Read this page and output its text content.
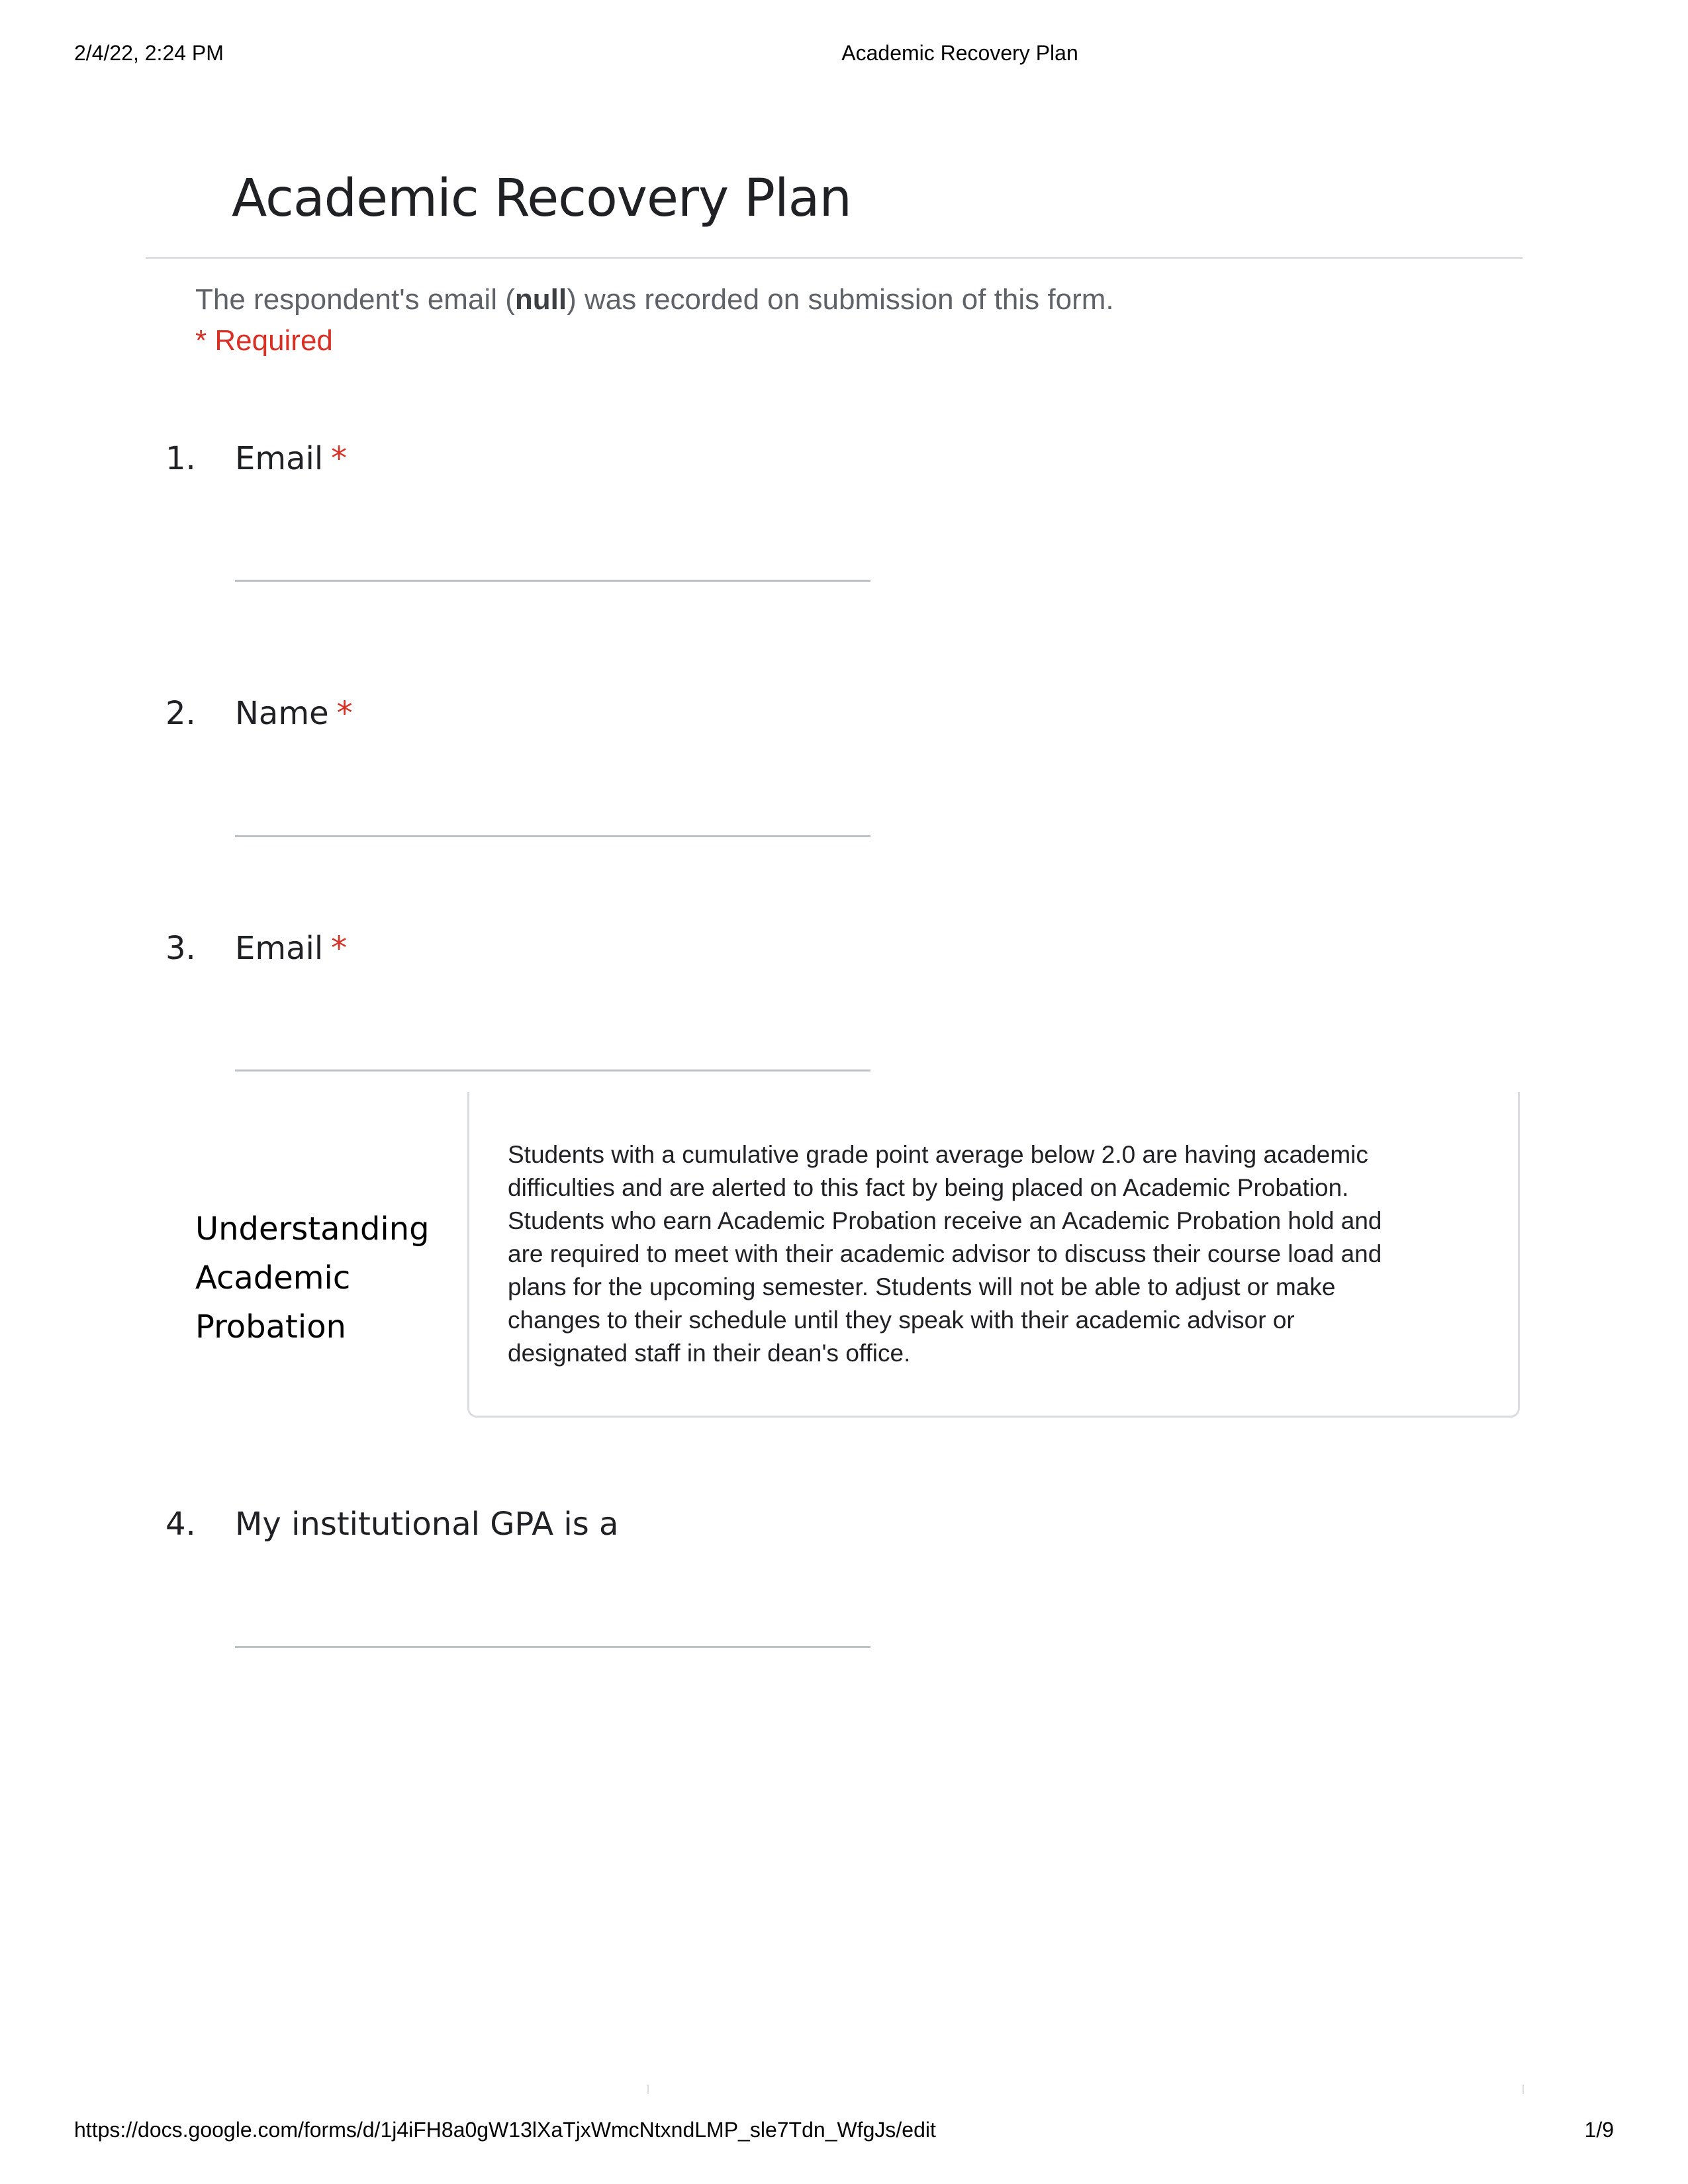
2/4/22, 2:24 PM	Academic Recovery Plan
Academic Recovery Plan
The respondent's email (null) was recorded on submission of this form.
* Required
1. Email *
2. Name *
3. Email *
Understanding Academic Probation
Students with a cumulative grade point average below 2.0 are having academic
difficulties and are alerted to this fact by being placed on Academic Probation.
Students who earn Academic Probation receive an Academic Probation hold and
are required to meet with their academic advisor to discuss their course load and
plans for the upcoming semester. Students will not be able to adjust or make
changes to their schedule until they speak with their academic advisor or
designated staff in their dean's office.
4. My institutional GPA is a
https://docs.google.com/forms/d/1j4iFH8a0gW13lXaTjxWmcNtxndLMP_sle7Tdn_WfgJs/edit	1/9
